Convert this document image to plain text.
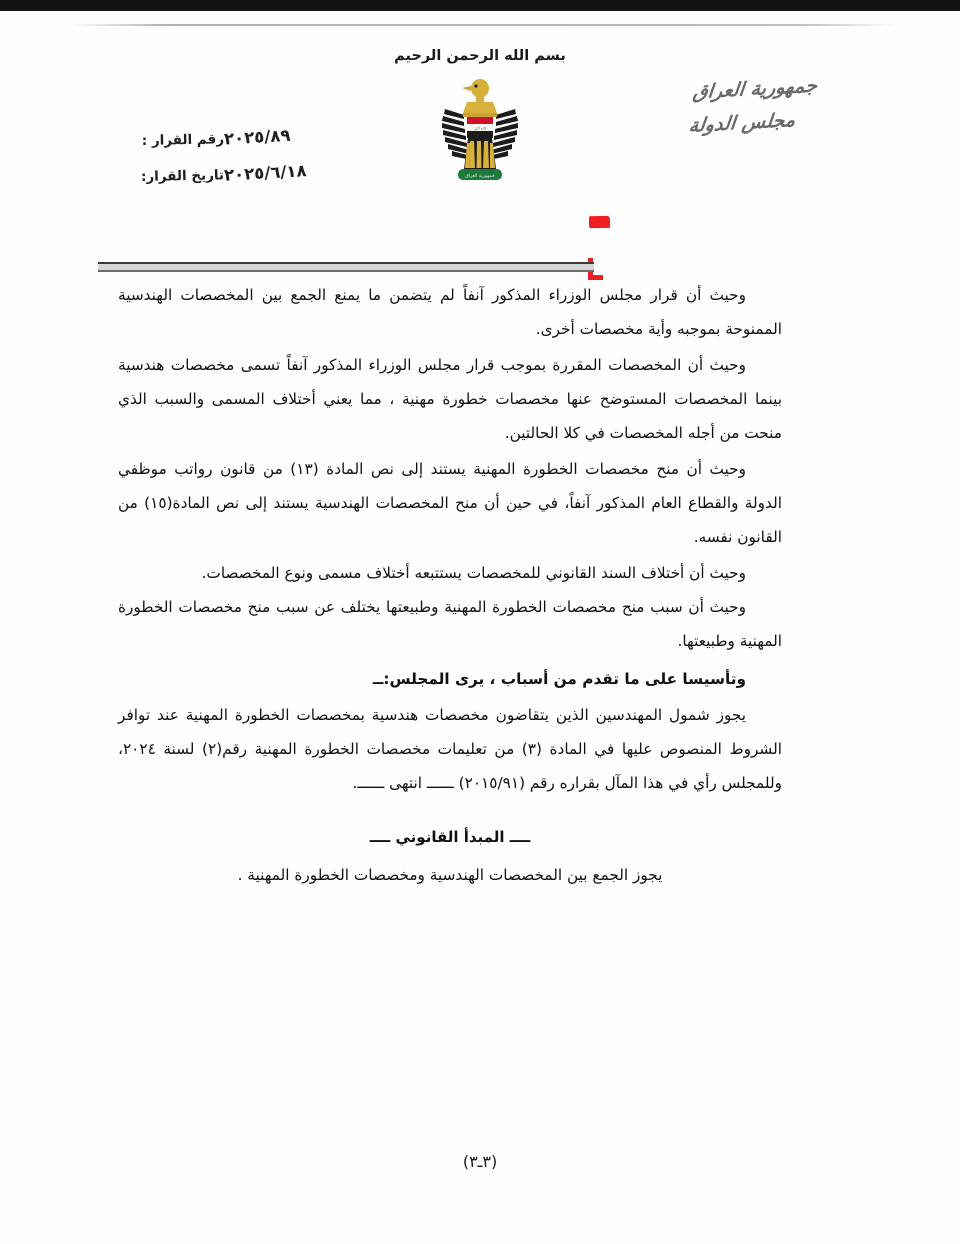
بسم الله الرحمن الرحيم
الله أكبر
جمهورية العراق
جمهورية العراق
مجلس الدولة
رقم القرار : ٢٠٢٥/٨٩
تاريخ القرار: ٢٠٢٥/٦/١٨

وحيث أن قرار مجلس الوزراء المذكور آنفاً لم يتضمن ما يمنع الجمع بين المخصصات الهندسية الممنوحة بموجبه وأية مخصصات أخرى.

وحيث أن المخصصات المقررة بموجب قرار مجلس الوزراء المذكور آنفاً تسمى مخصصات هندسية بينما المخصصات المستوضح عنها مخصصات خطورة مهنية ، مما يعني أختلاف المسمى والسبب الذي منحت من أجله المخصصات في كلا الحالتين.

وحيث أن منح مخصصات الخطورة المهنية يستند إلى نص المادة (١٣) من قانون رواتب موظفي الدولة والقطاع العام المذكور آنفاً، في حين أن منح المخصصات الهندسية يستند إلى نص المادة(١٥) من القانون نفسه.

وحيث أن أختلاف السند القانوني للمخصصات يستتبعه أختلاف مسمى ونوع المخصصات.

وحيث أن سبب منح مخصصات الخطورة المهنية وطبيعتها يختلف عن سبب منح مخصصات الخطورة المهنية وطبيعتها.

وتأسيسا على ما تقدم من أسباب ، يرى المجلس:ــ

يجوز شمول المهندسين الذين يتقاضون مخصصات هندسية بمخصصات الخطورة المهنية عند توافر الشروط المنصوص عليها في المادة (٣) من تعليمات مخصصات الخطورة المهنية رقم(٢) لسنة ٢٠٢٤، وللمجلس رأي في هذا المآل بقراره رقم (٢٠١٥/٩١) ــــــ انتهى ــــــ.

ــــ المبدأ القانوني ــــ
يجوز الجمع بين المخصصات الهندسية ومخصصات الخطورة المهنية .
(٣ـ٣)
